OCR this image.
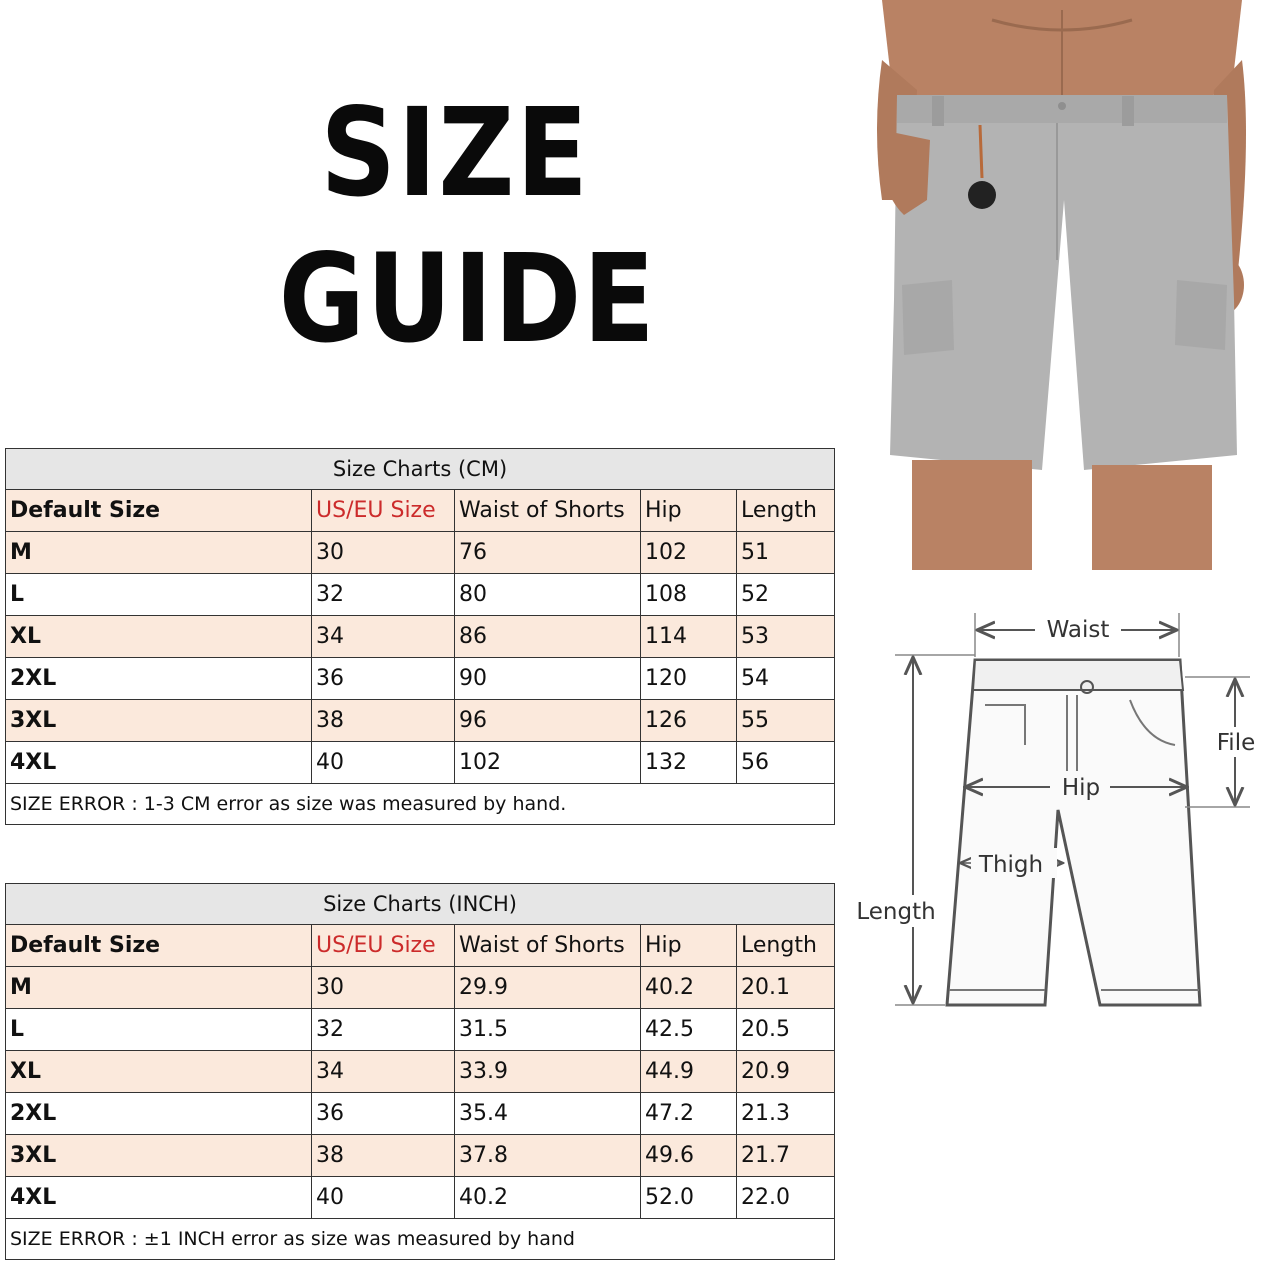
SIZE
GUIDE
Size Charts (CM)				
Default Size	US/EU Size	Waist of Shorts	Hip	Length
M	30	76	102	51
L	32	80	108	52
XL	34	86	114	53
2XL	36	90	120	54
3XL	38	96	126	55
4XL	40	102	132	56
SIZE ERROR : 1-3 CM error as size was measured by hand.				
Size Charts (INCH)				
Default Size	US/EU Size	Waist of Shorts	Hip	Length
M	30	29.9	40.2	20.1
L	32	31.5	42.5	20.5
XL	34	33.9	44.9	20.9
2XL	36	35.4	47.2	21.3
3XL	38	37.8	49.6	21.7
4XL	40	40.2	52.0	22.0
SIZE ERROR : ±1 INCH error as size was measured by hand				
Waist
File
Hip
Thigh
Length
